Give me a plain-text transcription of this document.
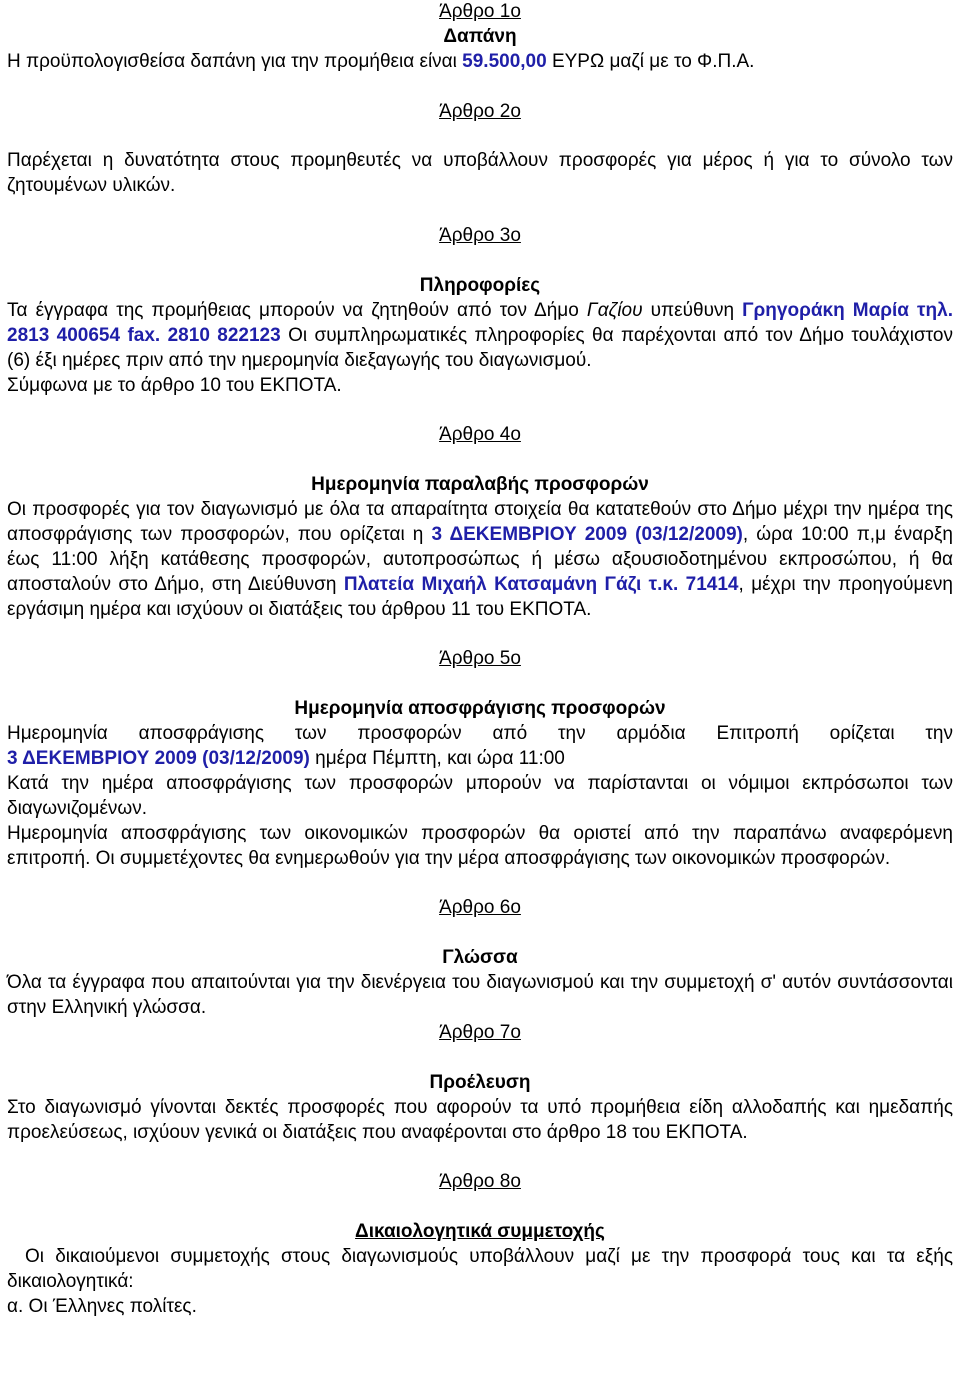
Άρθρο 1ο

Δαπάνη

Η προϋπολογισθείσα δαπάνη για την προμήθεια είναι 59.500,00 ΕΥΡΩ μαζί με το Φ.Π.Α.

Άρθρο 2ο

Παρέχεται η δυνατότητα στους προμηθευτές να υποβάλλουν προσφορές για μέρος ή για το σύνολο των ζητουμένων υλικών.

Άρθρο 3ο

Πληροφορίες

Τα έγγραφα της προμήθειας μπορούν να ζητηθούν από τον Δήμο Γαζίου υπεύθυνη Γρηγοράκη Μαρία τηλ. 2813 400654 fax. 2810 822123 Οι συμπληρωματικές πληροφορίες θα παρέχονται από τον Δήμο τουλάχιστον (6) έξι ημέρες πριν από την ημερομηνία διεξαγωγής του διαγωνισμού.

Σύμφωνα με το άρθρο 10 του ΕΚΠΟΤΑ.

Άρθρο 4ο

Ημερομηνία παραλαβής προσφορών

Οι προσφορές για τον διαγωνισμό με όλα τα απαραίτητα στοιχεία θα κατατεθούν στο Δήμο μέχρι την ημέρα της αποσφράγισης των προσφορών, που ορίζεται η 3 ΔΕΚΕΜΒΡΙΟΥ 2009 (03/12/2009), ώρα 10:00 π,μ έναρξη έως 11:00 λήξη κατάθεσης προσφορών, αυτοπροσώπως ή μέσω αξουσιοδοτημένου εκπροσώπου, ή θα αποσταλούν στο Δήμο, στη Διεύθυνση Πλατεία Μιχαήλ Κατσαμάνη Γάζι τ.κ. 71414, μέχρι την προηγούμενη εργάσιμη ημέρα και ισχύουν οι διατάξεις του άρθρου 11 του ΕΚΠΟΤΑ.

Άρθρο 5ο

Ημερομηνία αποσφράγισης προσφορών

Ημερομηνία αποσφράγισης των προσφορών από την αρμόδια Επιτροπή ορίζεται την

3 ΔΕΚΕΜΒΡΙΟΥ 2009 (03/12/2009) ημέρα Πέμπτη, και ώρα 11:00

Κατά την ημέρα αποσφράγισης των προσφορών μπορούν να παρίστανται οι νόμιμοι εκπρόσωποι των διαγωνιζομένων.

Ημερομηνία αποσφράγισης των οικονομικών προσφορών θα οριστεί από την παραπάνω αναφερόμενη επιτροπή. Οι συμμετέχοντες θα ενημερωθούν για την μέρα αποσφράγισης των οικονομικών προσφορών.

Άρθρο 6ο

Γλώσσα

Όλα τα έγγραφα που απαιτούνται για την διενέργεια του διαγωνισμού και την συμμετοχή σ' αυτόν συντάσσονται στην Ελληνική γλώσσα.

Άρθρο 7ο

Προέλευση

Στο διαγωνισμό γίνονται δεκτές προσφορές που αφορούν τα υπό προμήθεια είδη αλλοδαπής και ημεδαπής προελεύσεως, ισχύουν γενικά οι διατάξεις που αναφέρονται στο άρθρο 18 του ΕΚΠΟΤΑ.

Άρθρο 8ο

Δικαιολογητικά συμμετοχής

Οι δικαιούμενοι συμμετοχής στους διαγωνισμούς υποβάλλουν μαζί με την προσφορά τους και τα εξής δικαιολογητικά:

α. Οι Έλληνες πολίτες.
